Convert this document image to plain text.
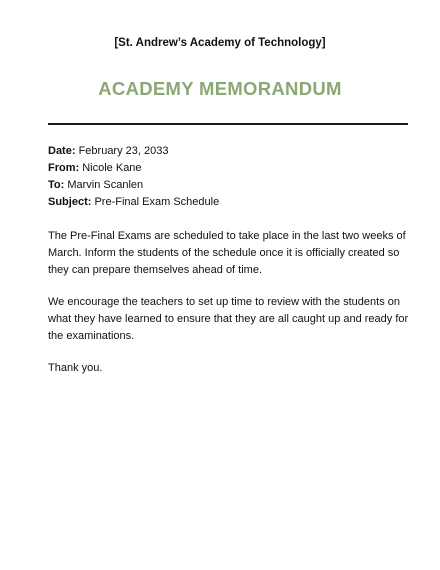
[St. Andrew’s Academy of Technology]
ACADEMY MEMORANDUM
Date: February 23, 2033
From: Nicole Kane
To: Marvin Scanlen
Subject: Pre-Final Exam Schedule

The Pre-Final Exams are scheduled to take place in the last two weeks of March. Inform the students of the schedule once it is officially created so they can prepare themselves ahead of time.

We encourage the teachers to set up time to review with the students on what they have learned to ensure that they are all caught up and ready for the examinations.

Thank you.
